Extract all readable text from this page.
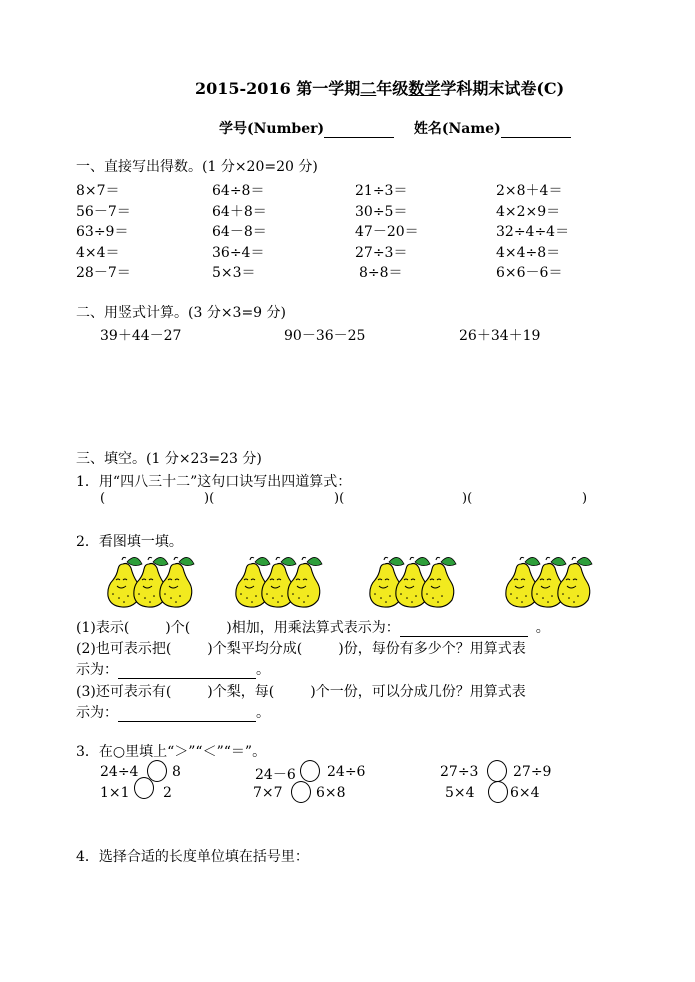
2015-2016 第一学期二年级数学学科期末试卷(C)
学号(Number)	姓名(Name)
一、直接写出得数。(1 分×20=20 分)
8×7＝	64÷8＝	21÷3＝	2×8＋4＝
56－7＝	64＋8＝	30÷5＝	4×2×9＝
63÷9＝	64－8＝	47－20＝	32÷4÷4＝
4×4＝	36÷4＝	27÷3＝	4×4÷8＝
28－7＝	5×3＝	8÷8＝	6×6－6＝
二、用竖式计算。(3 分×3=9 分)
39＋44－27	90－36－25	26＋34＋19
三、填空。(1 分×23=23 分)
1．用“四八三十二”这句口诀写出四道算式：
(	)(	)(	)(	)
2．看图填一填。
(1)表示(	)个(	)相加，用乘法算式表示为：	。
(2)也可表示把(	)个梨平均分成(	)份，每份有多少个？用算式表
示为：	。
(3)还可表示有(	)个梨，每(	)个一份，可以分成几份？用算式表
示为：	。
3．在○里填上“＞”“＜”“＝”。
24÷4 8	24－6 24÷6	27÷3 27÷9
1×1 2	7×7 6×8	5×4	6×4
4．选择合适的长度单位填在括号里：
